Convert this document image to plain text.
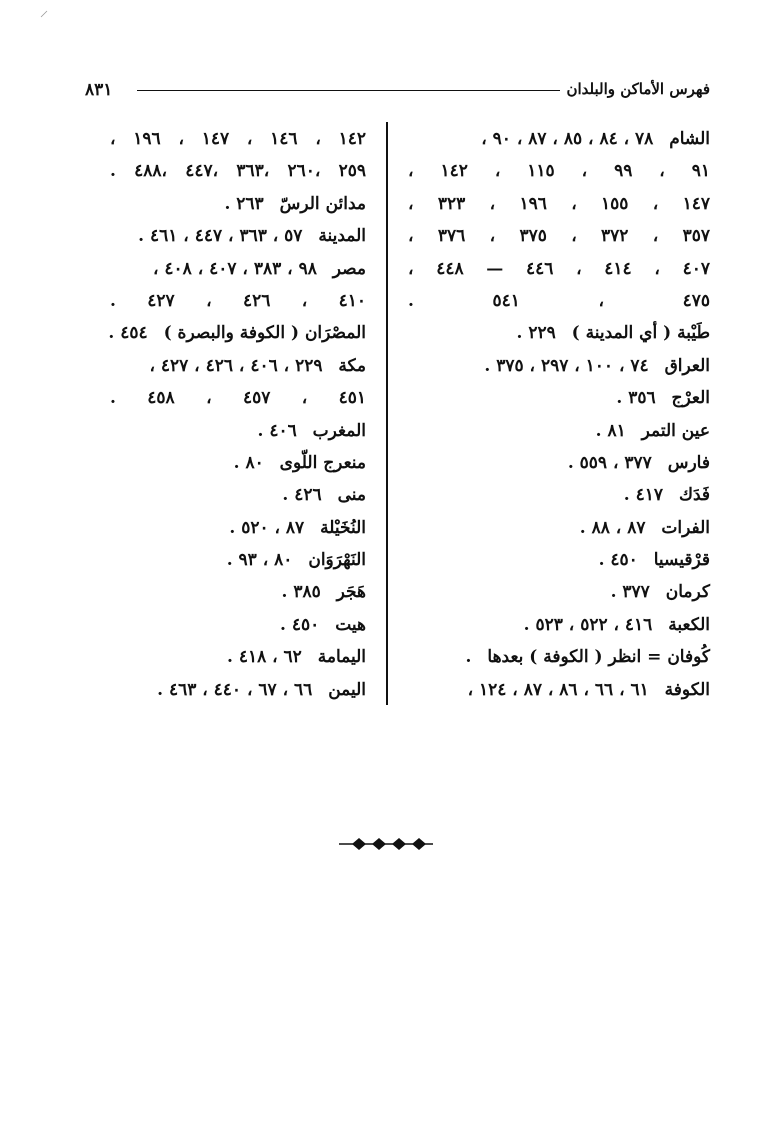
٨٣١	فهرس الأماكن والبلدان
الشام ٧٨ ، ٨٤ ، ٨٥ ، ٨٧ ، ٩٠ ،
٩١ ، ٩٩ ، ١١٥ ، ١٤٢ ،
١٤٧ ، ١٥٥ ، ١٩٦ ، ٣٢٣ ،
٣٥٧ ، ٣٧٢ ، ٣٧٥ ، ٣٧٦ ،
٤٠٧ ، ٤١٤ ، ٤٤٦ — ٤٤٨ ،
٤٧٥ ، ٥٤١ .
طَيْبة ( أي المدينة ) ٢٢٩ .
العراق ٧٤ ، ١٠٠ ، ٢٩٧ ، ٣٧٥ .
العرْج ٣٥٦ .
عين التمر ٨١ .
فارس ٣٧٧ ، ٥٥٩ .
فَدَك ٤١٧ .
الفرات ٨٧ ، ٨٨ .
قرْقيسيا ٤٥٠ .
كرمان ٣٧٧ .
الكعبة ٤١٦ ، ٥٢٢ ، ٥٢٣ .
كُوفان = انظر ( الكوفة ) بعدها .
الكوفة ٦١ ، ٦٦ ، ٨٦ ، ٨٧ ، ١٢٤ ،
١٤٢ ، ١٤٦ ، ١٤٧ ، ١٩٦ ،
٢٥٩ ،٢٦٠ ،٣٦٣ ،٤٤٧ ،٤٨٨ .
مدائن الرسّ ٢٦٣ .
المدينة ٥٧ ، ٣٦٣ ، ٤٤٧ ، ٤٦١ .
مصر ٩٨ ، ٣٨٣ ، ٤٠٧ ، ٤٠٨ ،
٤١٠ ، ٤٢٦ ، ٤٢٧ .
المصْرَان ( الكوفة والبصرة ) ٤٥٤ .
مكة ٢٢٩ ، ٤٠٦ ، ٤٢٦ ، ٤٢٧ ،
٤٥١ ، ٤٥٧ ، ٤٥٨ .
المغرب ٤٠٦ .
منعرج اللّوى ٨٠ .
منى ٤٢٦ .
النُخَيْلة ٨٧ ، ٥٢٠ .
النَهْرَوَان ٨٠ ، ٩٣ .
هَجَر ٣٨٥ .
هيت ٤٥٠ .
اليمامة ٦٢ ، ٤١٨ .
اليمن ٦٦ ، ٦٧ ، ٤٤٠ ، ٤٦٣ .
